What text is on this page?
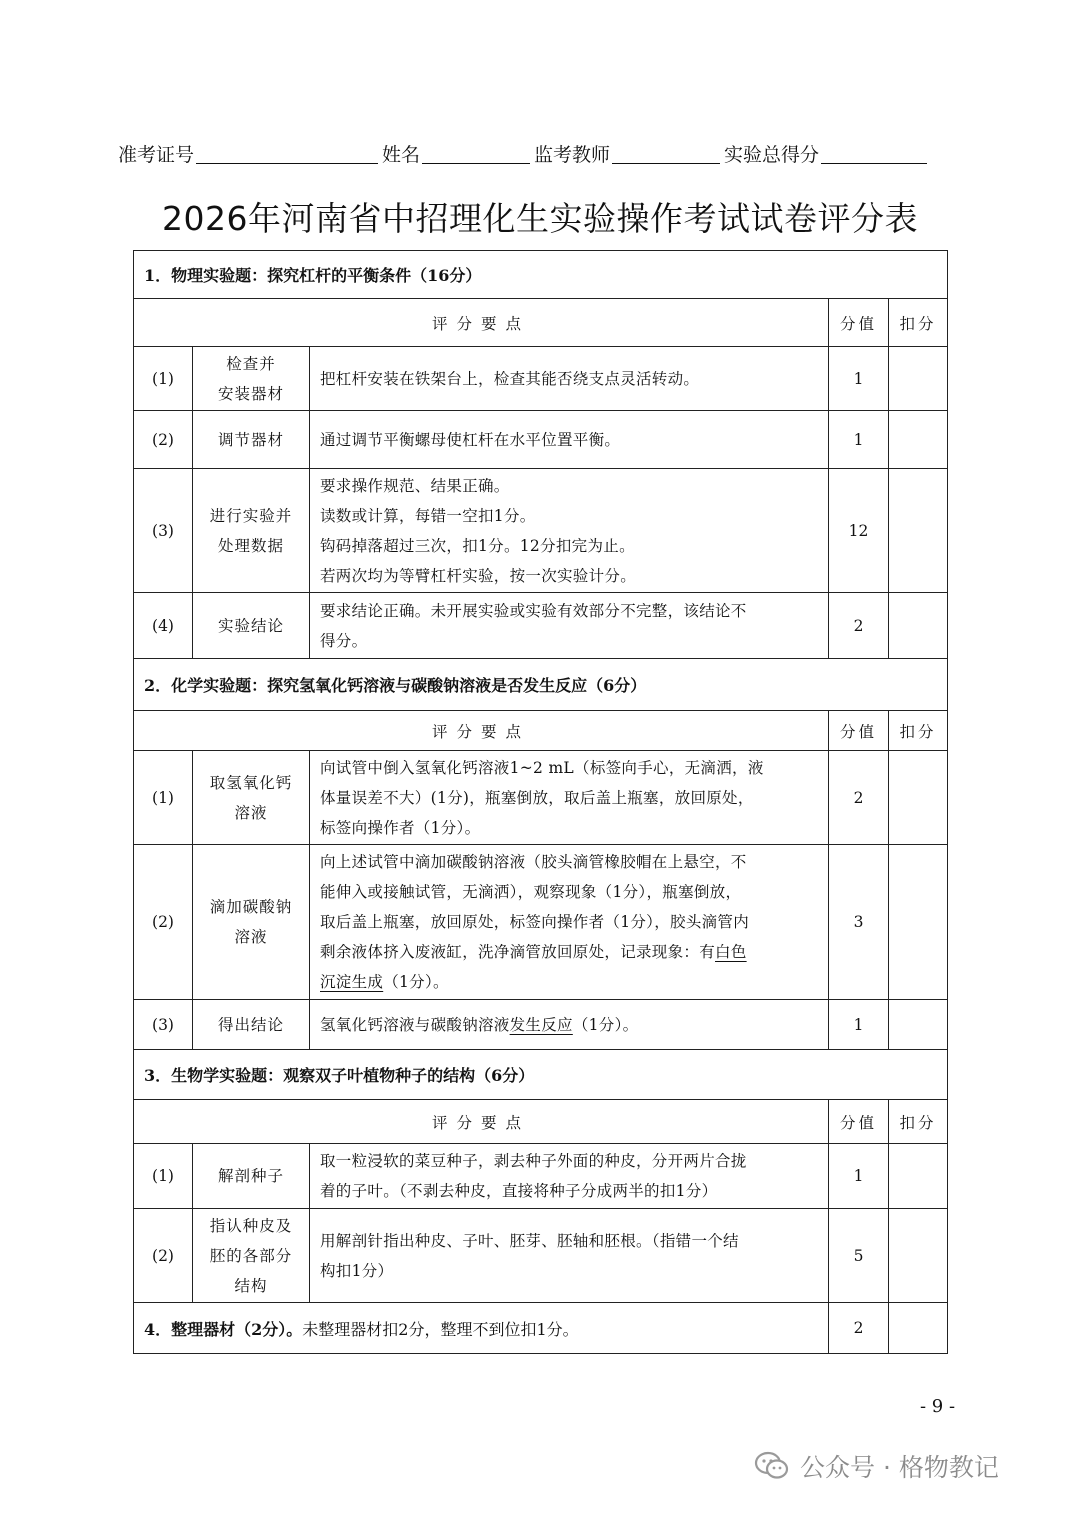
准考证号	姓名	监考教师	实验总得分
2026年河南省中招理化生实验操作考试试卷评分表
1．物理实验题：探究杠杆的平衡条件（16分）				
评分要点			分值	扣分
(1)	检查并
安装器材	把杠杆安装在铁架台上，检查其能否绕支点灵活转动。	1	
(2)	调节器材	通过调节平衡螺母使杠杆在水平位置平衡。	1	
(3)	进行实验并
处理数据	要求操作规范、结果正确。
读数或计算，每错一空扣1分。
钩码掉落超过三次，扣1分。12分扣完为止。
若两次均为等臂杠杆实验，按一次实验计分。	12	
(4)	实验结论	要求结论正确。未开展实验或实验有效部分不完整，该结论不
得分。	2	
2．化学实验题：探究氢氧化钙溶液与碳酸钠溶液是否发生反应（6分）				
评分要点			分值	扣分
(1)	取氢氧化钙
溶液	向试管中倒入氢氧化钙溶液1~2 mL（标签向手心，无滴洒，液
体量误差不大）(1分)，瓶塞倒放，取后盖上瓶塞，放回原处，
标签向操作者（1分）。	2	
(2)	滴加碳酸钠
溶液	向上述试管中滴加碳酸钠溶液（胶头滴管橡胶帽在上悬空，不
能伸入或接触试管，无滴洒），观察现象（1分），瓶塞倒放，
取后盖上瓶塞，放回原处，标签向操作者（1分），胶头滴管内
剩余液体挤入废液缸，洗净滴管放回原处，记录现象：有白色
沉淀生成（1分）。	3	
(3)	得出结论	氢氧化钙溶液与碳酸钠溶液发生反应（1分）。	1	
3．生物学实验题：观察双子叶植物种子的结构（6分）				
评分要点			分值	扣分
(1)	解剖种子	取一粒浸软的菜豆种子，剥去种子外面的种皮，分开两片合拢
着的子叶。（不剥去种皮，直接将种子分成两半的扣1分）	1	
(2)	指认种皮及
胚的各部分
结构	用解剖针指出种皮、子叶、胚芽、胚轴和胚根。（指错一个结
构扣1分）	5	
4．整理器材（2分）。未整理器材扣2分，整理不到位扣1分。			2	
- 9 -
公众号 · 格物教记
